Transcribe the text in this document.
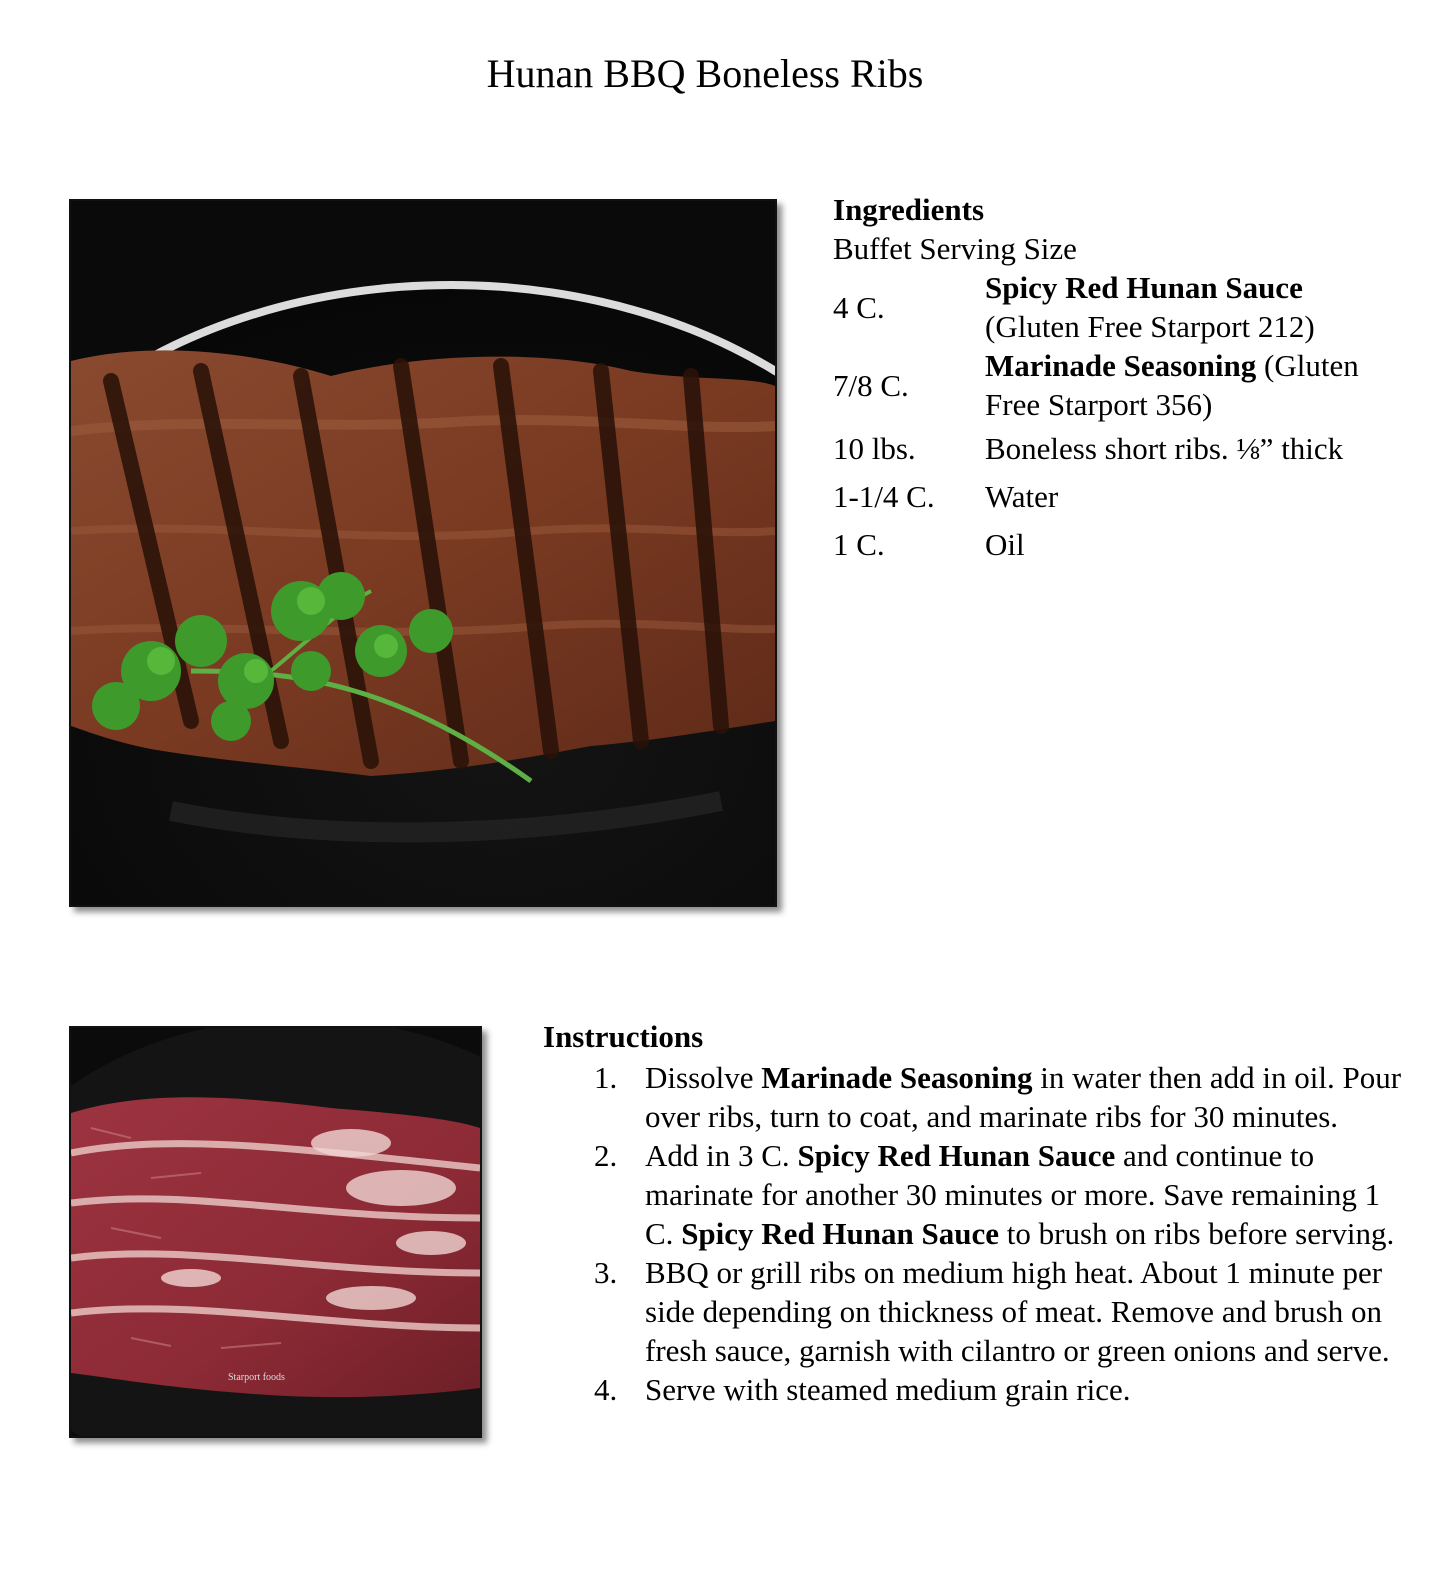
Hunan BBQ Boneless Ribs
Ingredients
Buffet Serving Size
4 C.	Spicy Red Hunan Sauce
(Gluten Free Starport 212)
7/8 C.	Marinade Seasoning (Gluten Free Starport 356)
10 lbs.	Boneless short ribs. ⅛” thick
1-1/4 C.	Water
1 C.	Oil
Starport foods
Instructions
1. Dissolve Marinade Seasoning in water then add in oil. Pour over ribs, turn to coat, and marinate ribs for 30 minutes.
2. Add in 3 C. Spicy Red Hunan Sauce and continue to marinate for another 30 minutes or more. Save remaining 1 C. Spicy Red Hunan Sauce to brush on ribs before serving.
3. BBQ or grill ribs on medium high heat. About 1 minute per side depending on thickness of meat. Remove and brush on fresh sauce, garnish with cilantro or green onions and serve.
4. Serve with steamed medium grain rice.
